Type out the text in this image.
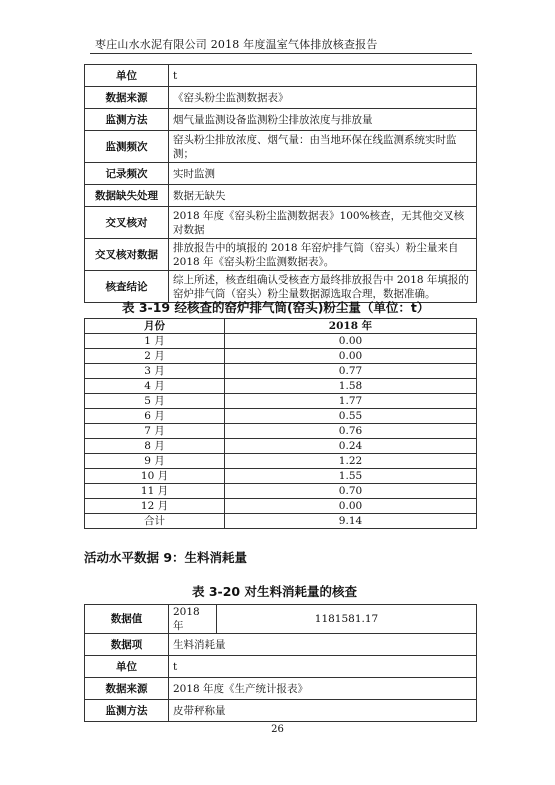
枣庄山水水泥有限公司 2018 年度温室气体排放核查报告
单位	t
数据来源	《窑头粉尘监测数据表》
监测方法	烟气量监测设备监测粉尘排放浓度与排放量
监测频次	窑头粉尘排放浓度、烟气量：由当地环保在线监测系统实时监测；
记录频次	实时监测
数据缺失处理	数据无缺失
交叉核对	2018 年度《窑头粉尘监测数据表》100%核查，无其他交叉核对数据
交叉核对数据	排放报告中的填报的 2018 年窑炉排气筒（窑头）粉尘量来自 2018 年《窑头粉尘监测数据表》。
核查结论	综上所述，核查组确认受核查方最终排放报告中 2018 年填报的窑炉排气筒（窑头）粉尘量数据源选取合理，数据准确。
表 3-19 经核查的窑炉排气筒(窑头)粉尘量（单位：t）
月份	2018 年
1 月	0.00
2 月	0.00
3 月	0.77
4 月	1.58
5 月	1.77
6 月	0.55
7 月	0.76
8 月	0.24
9 月	1.22
10 月	1.55
11 月	0.70
12 月	0.00
合计	9.14
活动水平数据 9：生料消耗量
表 3-20 对生料消耗量的核查
数据值	2018 年	1181581.17
数据项	生料消耗量	
单位	t	
数据来源	2018 年度《生产统计报表》	
监测方法	皮带秤称量	
26
